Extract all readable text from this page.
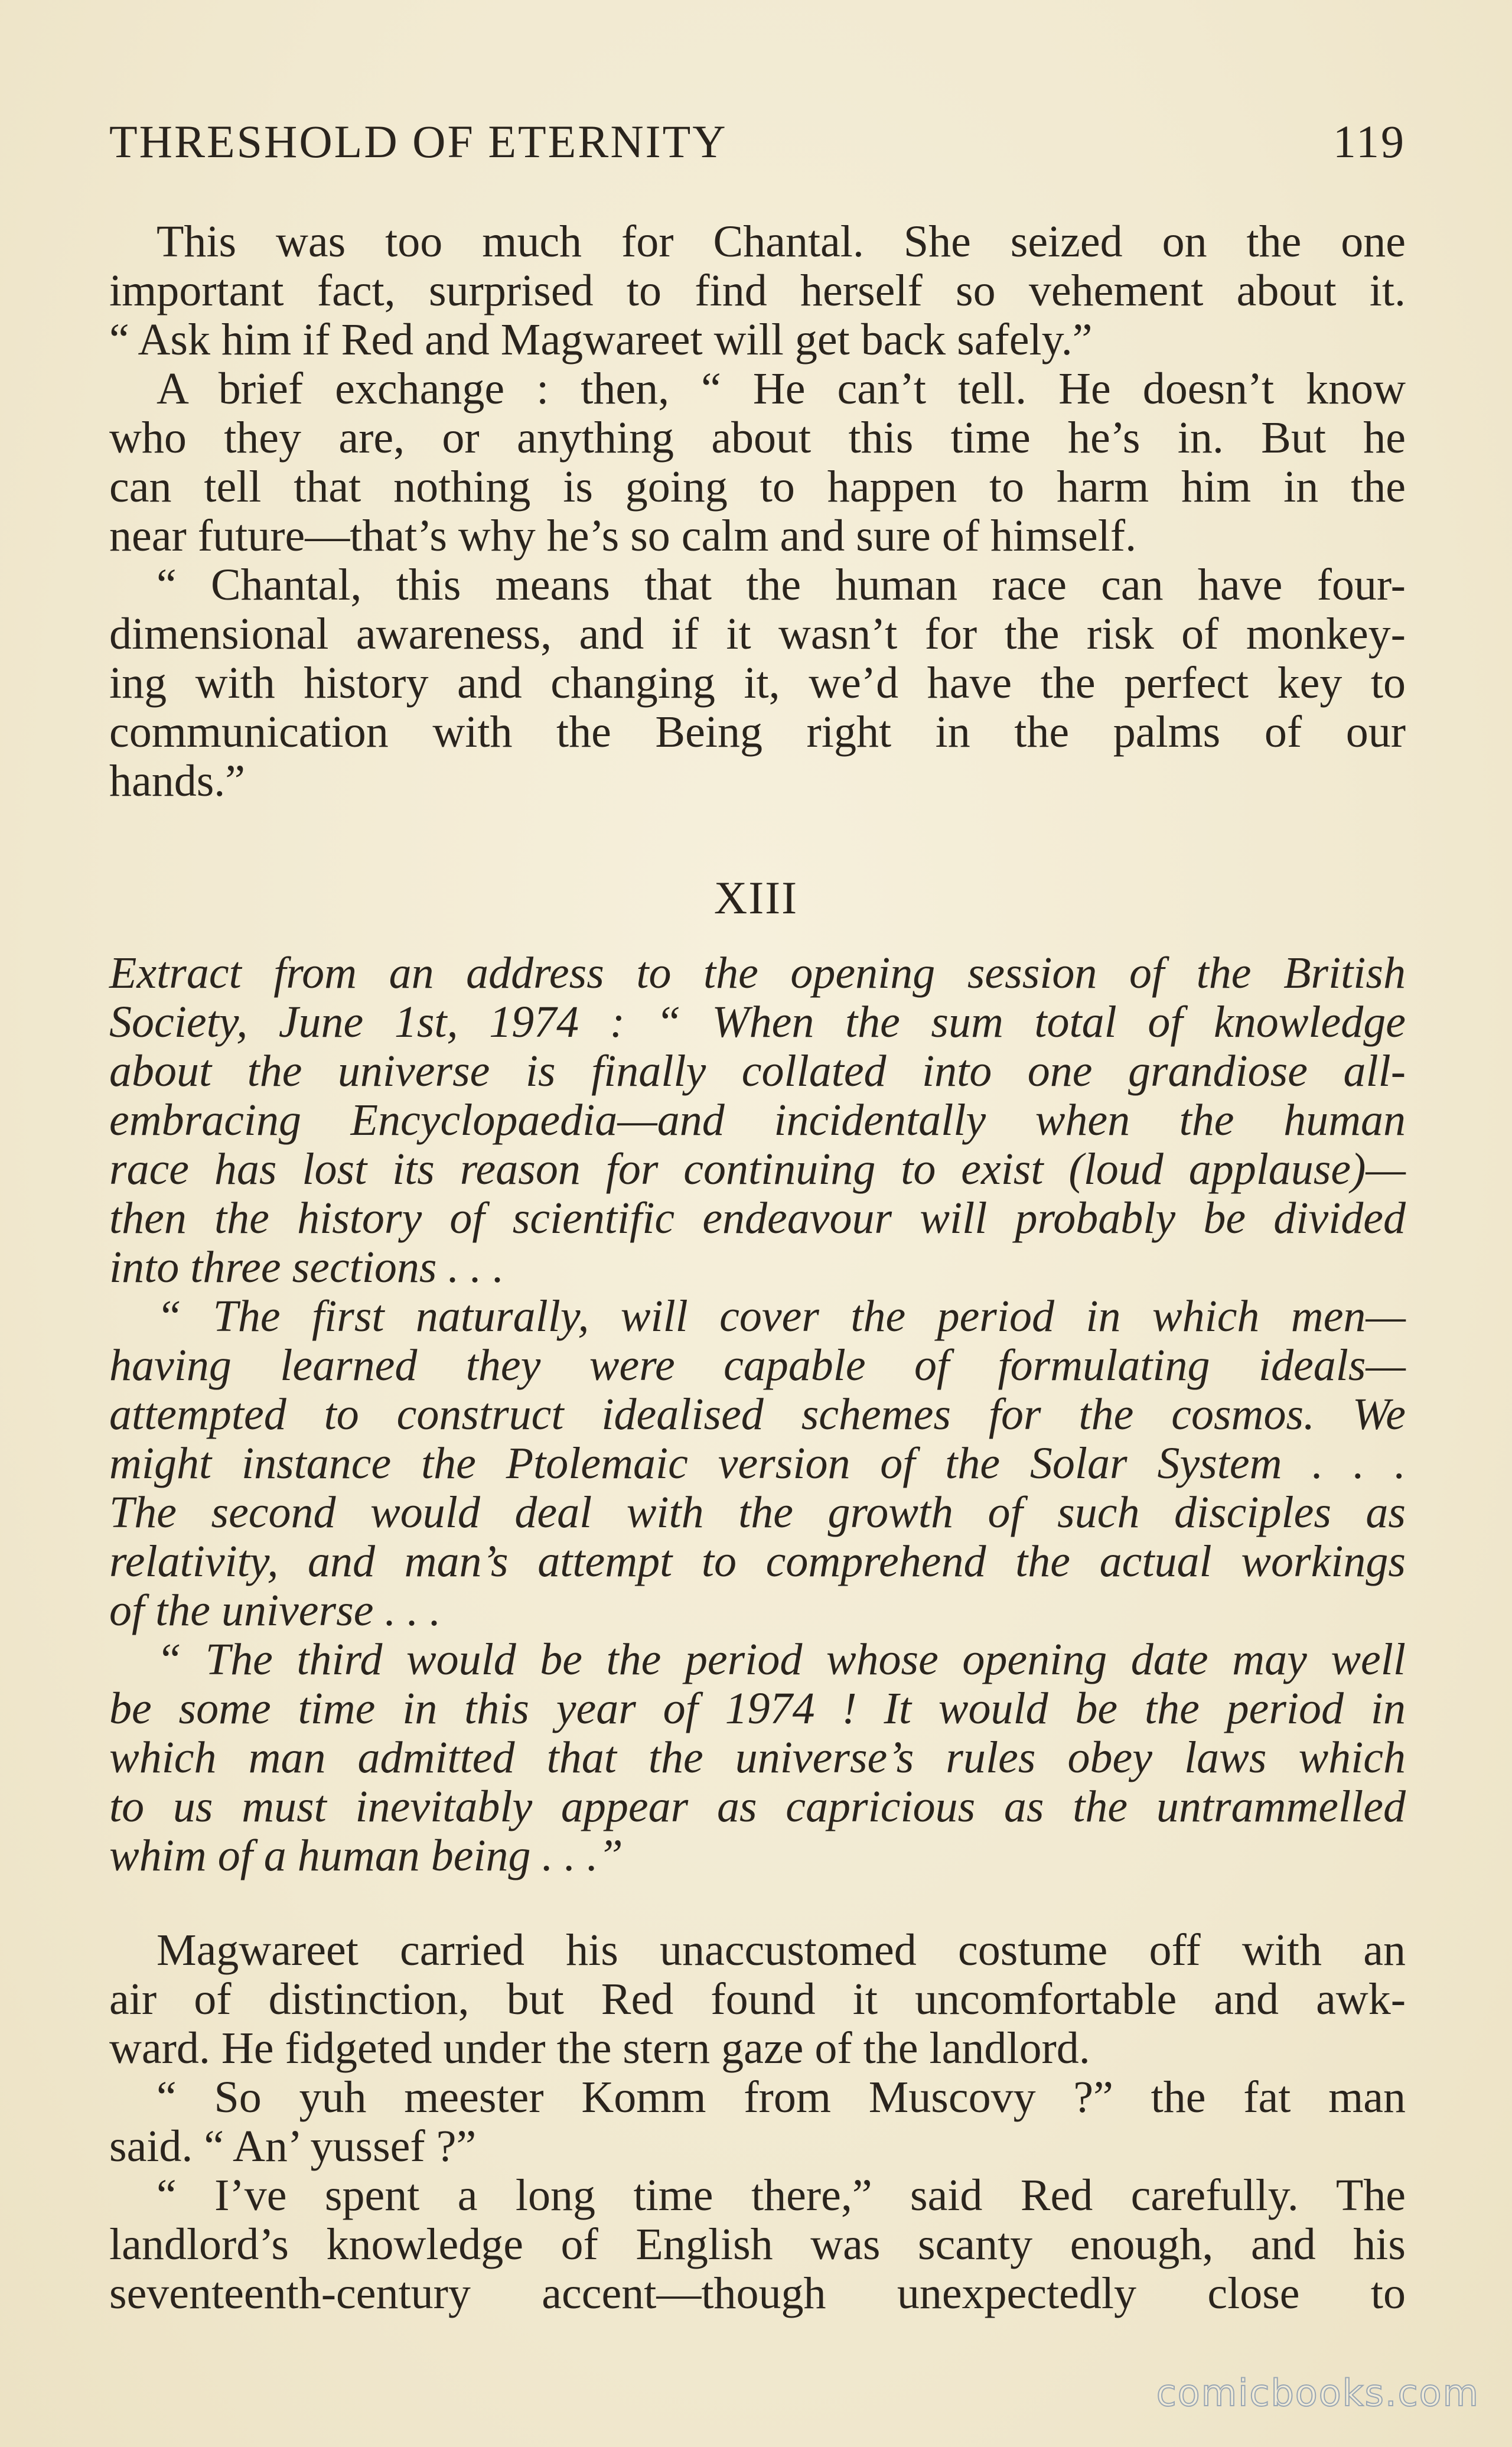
THRESHOLD OF ETERNITY	119

This was too much for Chantal. She seized on the one

important fact, surprised to find herself so vehement about it.

“ Ask him if Red and Magwareet will get back safely.”

A brief exchange : then, “ He can’t tell. He doesn’t know

who they are, or anything about this time he’s in. But he

can tell that nothing is going to happen to harm him in the

near future—that’s why he’s so calm and sure of himself.

“ Chantal, this means that the human race can have four-

dimensional awareness, and if it wasn’t for the risk of monkey-

ing with history and changing it, we’d have the perfect key to

communication with the Being right in the palms of our

hands.”

XIII

Extract from an address to the opening session of the British

Society, June 1st, 1974 : “ When the sum total of knowledge

about the universe is finally collated into one grandiose all-

embracing Encyclopaedia—and incidentally when the human

race has lost its reason for continuing to exist (loud applause)—

then the history of scientific endeavour will probably be divided

into three sections . . .

“ The first naturally, will cover the period in which men—

having learned they were capable of formulating ideals—

attempted to construct idealised schemes for the cosmos. We

might instance the Ptolemaic version of the Solar System . . .

The second would deal with the growth of such disciples as

relativity, and man’s attempt to comprehend the actual workings

of the universe . . .

“ The third would be the period whose opening date may well

be some time in this year of 1974 ! It would be the period in

which man admitted that the universe’s rules obey laws which

to us must inevitably appear as capricious as the untrammelled

whim of a human being . . .”

Magwareet carried his unaccustomed costume off with an

air of distinction, but Red found it uncomfortable and awk-

ward. He fidgeted under the stern gaze of the landlord.

“ So yuh meester Komm from Muscovy ?” the fat man

said. “ An’ yussef ?”

“ I’ve spent a long time there,” said Red carefully. The

landlord’s knowledge of English was scanty enough, and his

seventeenth-century accent—though unexpectedly close to

comicbooks.com
